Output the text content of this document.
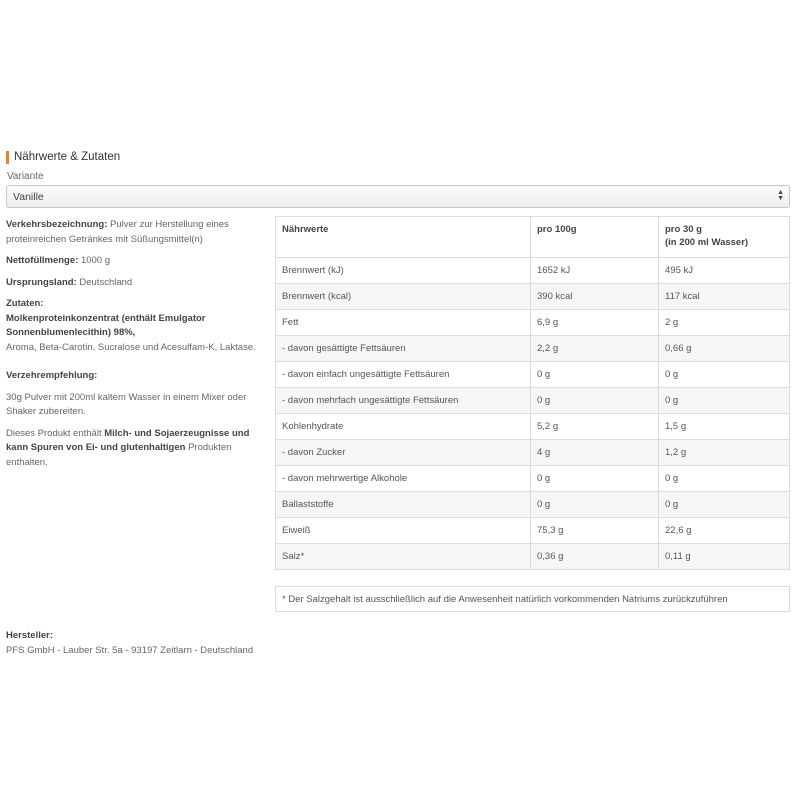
Nährwerte & Zutaten
Variante
Vanille	▲
▼
Verkehrsbezeichnung: Pulver zur Herstellung eines proteinreichen Getränkes mit Süßungsmittel(n)
Nettofüllmenge: 1000 g
Ursprungsland: Deutschland
Zutaten:
Molkenproteinkonzentrat (enthält Emulgator Sonnenblumenlecithin) 98%,
Aroma, Beta-Carotin, Sucralose und Acesulfam-K, Laktase.
Verzehrempfehlung:
30g Pulver mit 200ml kaltem Wasser in einem Mixer oder Shaker zubereiten.
Dieses Produkt enthält Milch- und Sojaerzeugnisse und kann Spuren von Ei- und glutenhaltigen Produkten enthalten.
Nährwerte	pro 100g	pro 30 g
(in 200 ml Wasser)

Brennwert (kJ)	1652 kJ	495 kJ
Brennwert (kcal)	390 kcal	117 kcal
Fett	6,9 g	2 g
- davon gesättigte Fettsäuren	2,2 g	0,66 g
- davon einfach ungesättigte Fettsäuren	0 g	0 g
- davon mehrfach ungesättigte Fettsäuren	0 g	0 g
Kohlenhydrate	5,2 g	1,5 g
- davon Zucker	4 g	1,2 g
- davon mehrwertige Alkohole	0 g	0 g
Ballaststoffe	0 g	0 g
Eiweiß	75,3 g	22,6 g
Salz*	0,36 g	0,11 g
* Der Salzgehalt ist ausschließlich auf die Anwesenheit natürlich vorkommenden Natriums zurückzuführen
Hersteller:
PFS GmbH - Lauber Str. 5a - 93197 Zeitlarn - Deutschland
